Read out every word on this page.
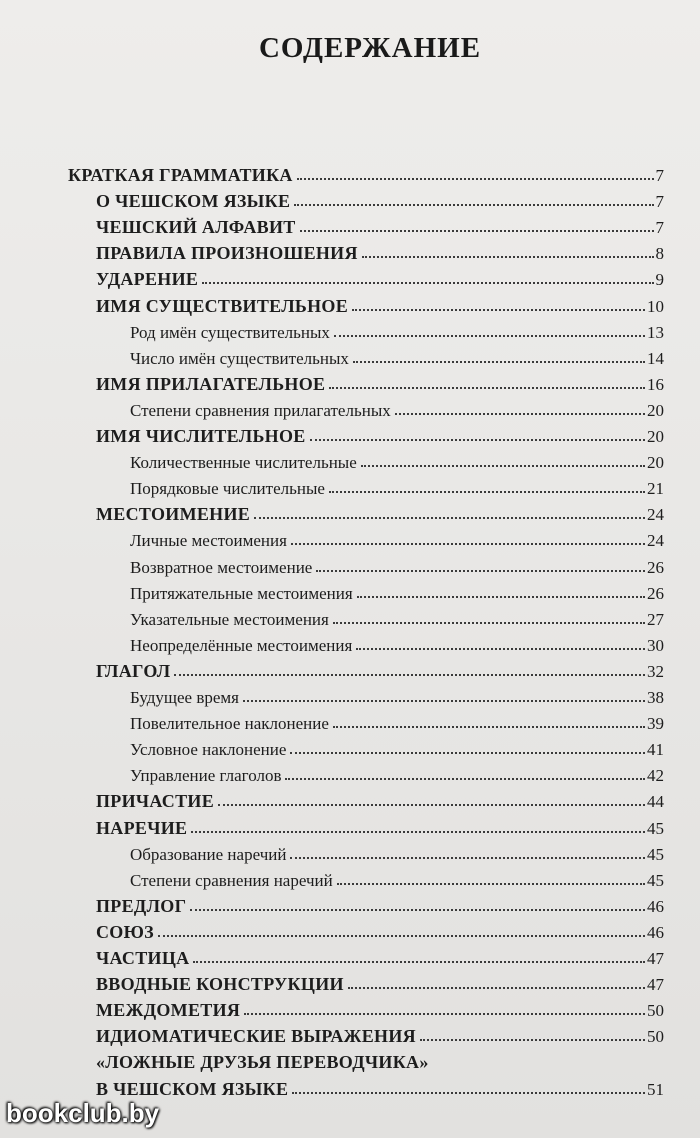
СОДЕРЖАНИЕ
КРАТКАЯ ГРАММАТИКА	7
О ЧЕШСКОМ ЯЗЫКЕ	7
ЧЕШСКИЙ АЛФАВИТ	7
ПРАВИЛА ПРОИЗНОШЕНИЯ	8
УДАРЕНИЕ	9
ИМЯ СУЩЕСТВИТЕЛЬНОЕ	10
Род имён существительных	13
Число имён существительных	14
ИМЯ ПРИЛАГАТЕЛЬНОЕ	16
Степени сравнения прилагательных	20
ИМЯ ЧИСЛИТЕЛЬНОЕ	20
Количественные числительные	20
Порядковые числительные	21
МЕСТОИМЕНИЕ	24
Личные местоимения	24
Возвратное местоимение	26
Притяжательные местоимения	26
Указательные местоимения	27
Неопределённые местоимения	30
ГЛАГОЛ	32
Будущее время	38
Повелительное наклонение	39
Условное наклонение	41
Управление глаголов	42
ПРИЧАСТИЕ	44
НАРЕЧИЕ	45
Образование наречий	45
Степени сравнения наречий	45
ПРЕДЛОГ	46
СОЮЗ	46
ЧАСТИЦА	47
ВВОДНЫЕ КОНСТРУКЦИИ	47
МЕЖДОМЕТИЯ	50
ИДИОМАТИЧЕСКИЕ ВЫРАЖЕНИЯ	50
«ЛОЖНЫЕ ДРУЗЬЯ ПЕРЕВОДЧИКА»
В ЧЕШСКОМ ЯЗЫКЕ	51
bookclub.by
